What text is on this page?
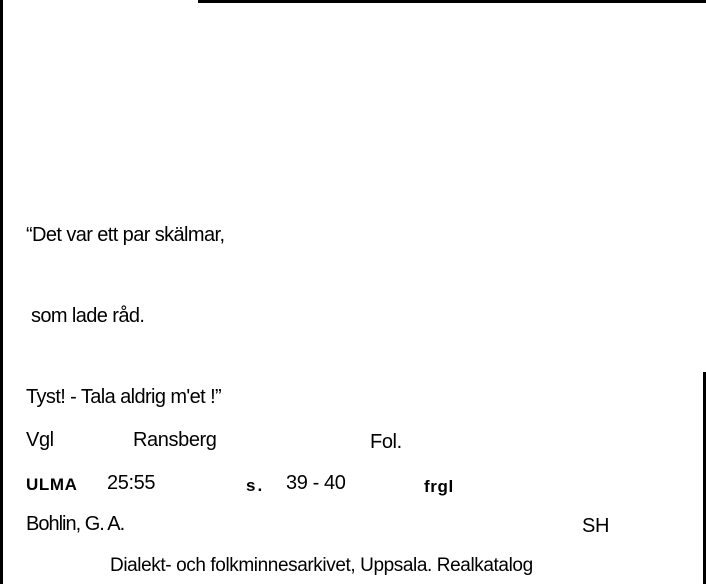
“Det var ett par skälmar,

som lade råd.

Tyst! - Tala aldrig m'et !”

Vgl	Ransberg	Fol.
ULMA 25:55	s. 39 - 40	frgl
Bohlin, G. A.	SH
Dialekt- och folkminnesarkivet, Uppsala. Realkatalog
